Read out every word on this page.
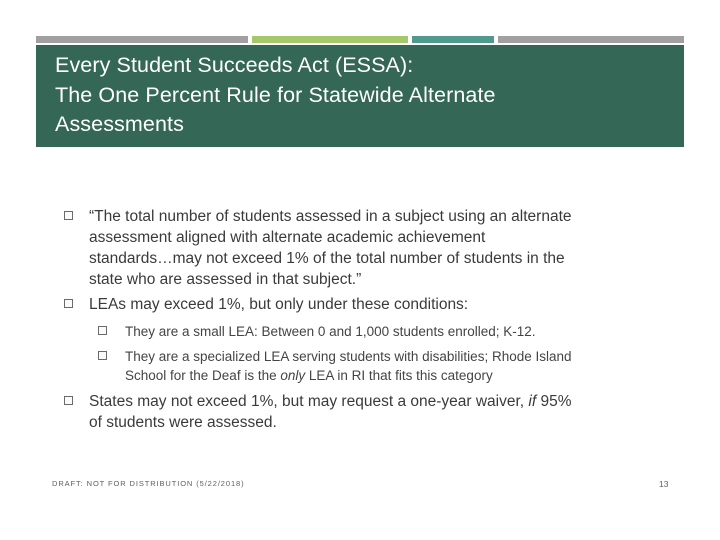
Every Student Succeeds Act (ESSA):
The One Percent Rule for Statewide Alternate
Assessments
“The total number of students assessed in a subject using an alternate
assessment aligned with alternate academic achievement
standards…may not exceed 1% of the total number of students in the
state who are assessed in that subject.”
LEAs may exceed 1%, but only under these conditions:
They are a small LEA: Between 0 and 1,000 students enrolled; K-12.
They are a specialized LEA serving students with disabilities; Rhode Island
School for the Deaf is the only LEA in RI that fits this category
States may not exceed 1%, but may request a one-year waiver, if 95%
of students were assessed.
DRAFT: NOT FOR DISTRIBUTION (5/22/2018)	13
